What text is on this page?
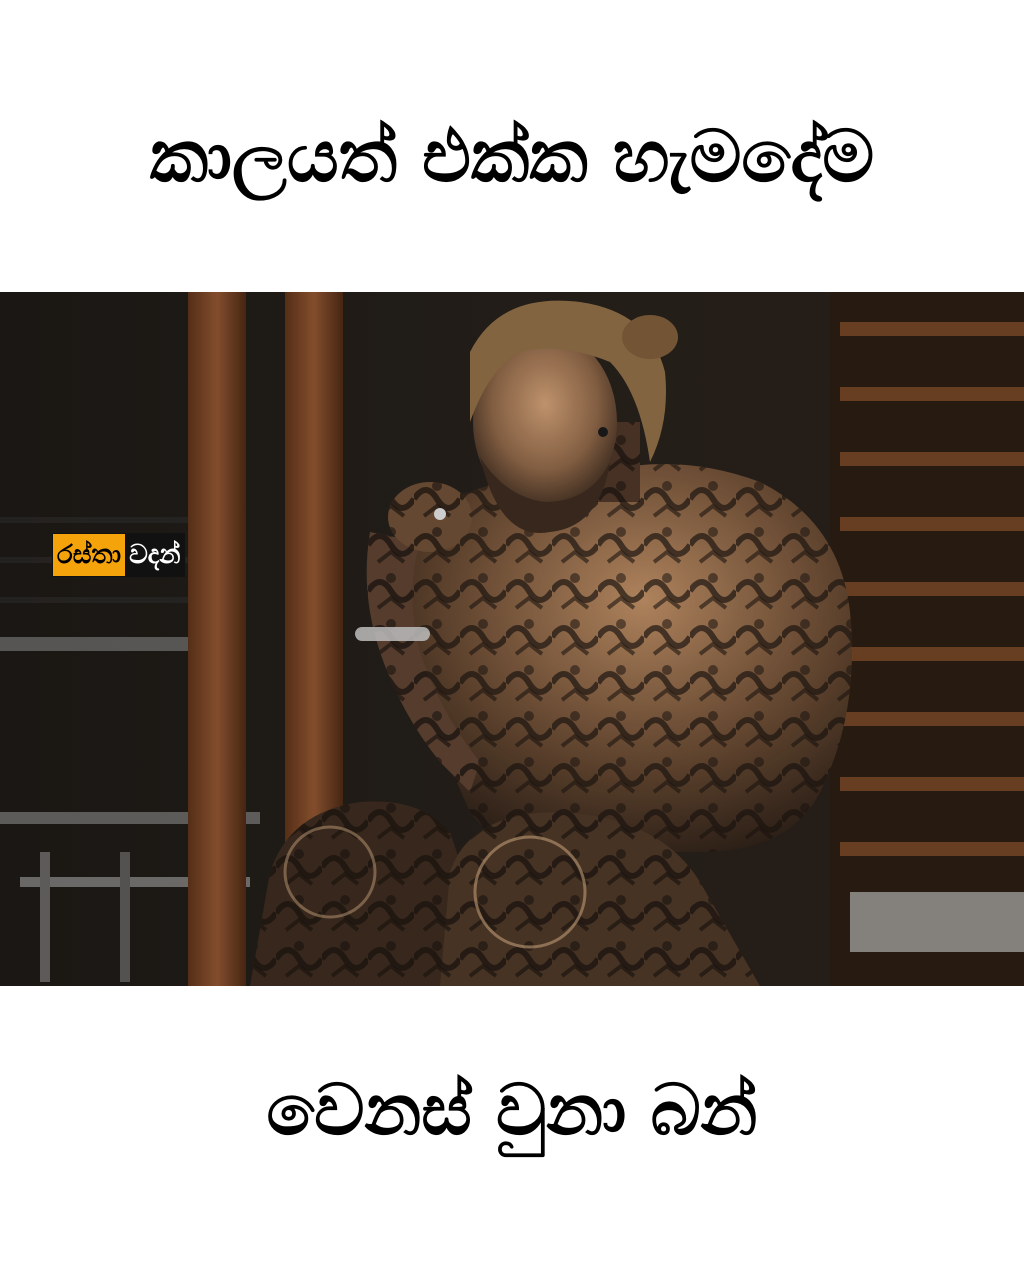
කාලයත් එක්ක හැමදේම
රස්තා වදන්
වෙනස් වුනා බන්
